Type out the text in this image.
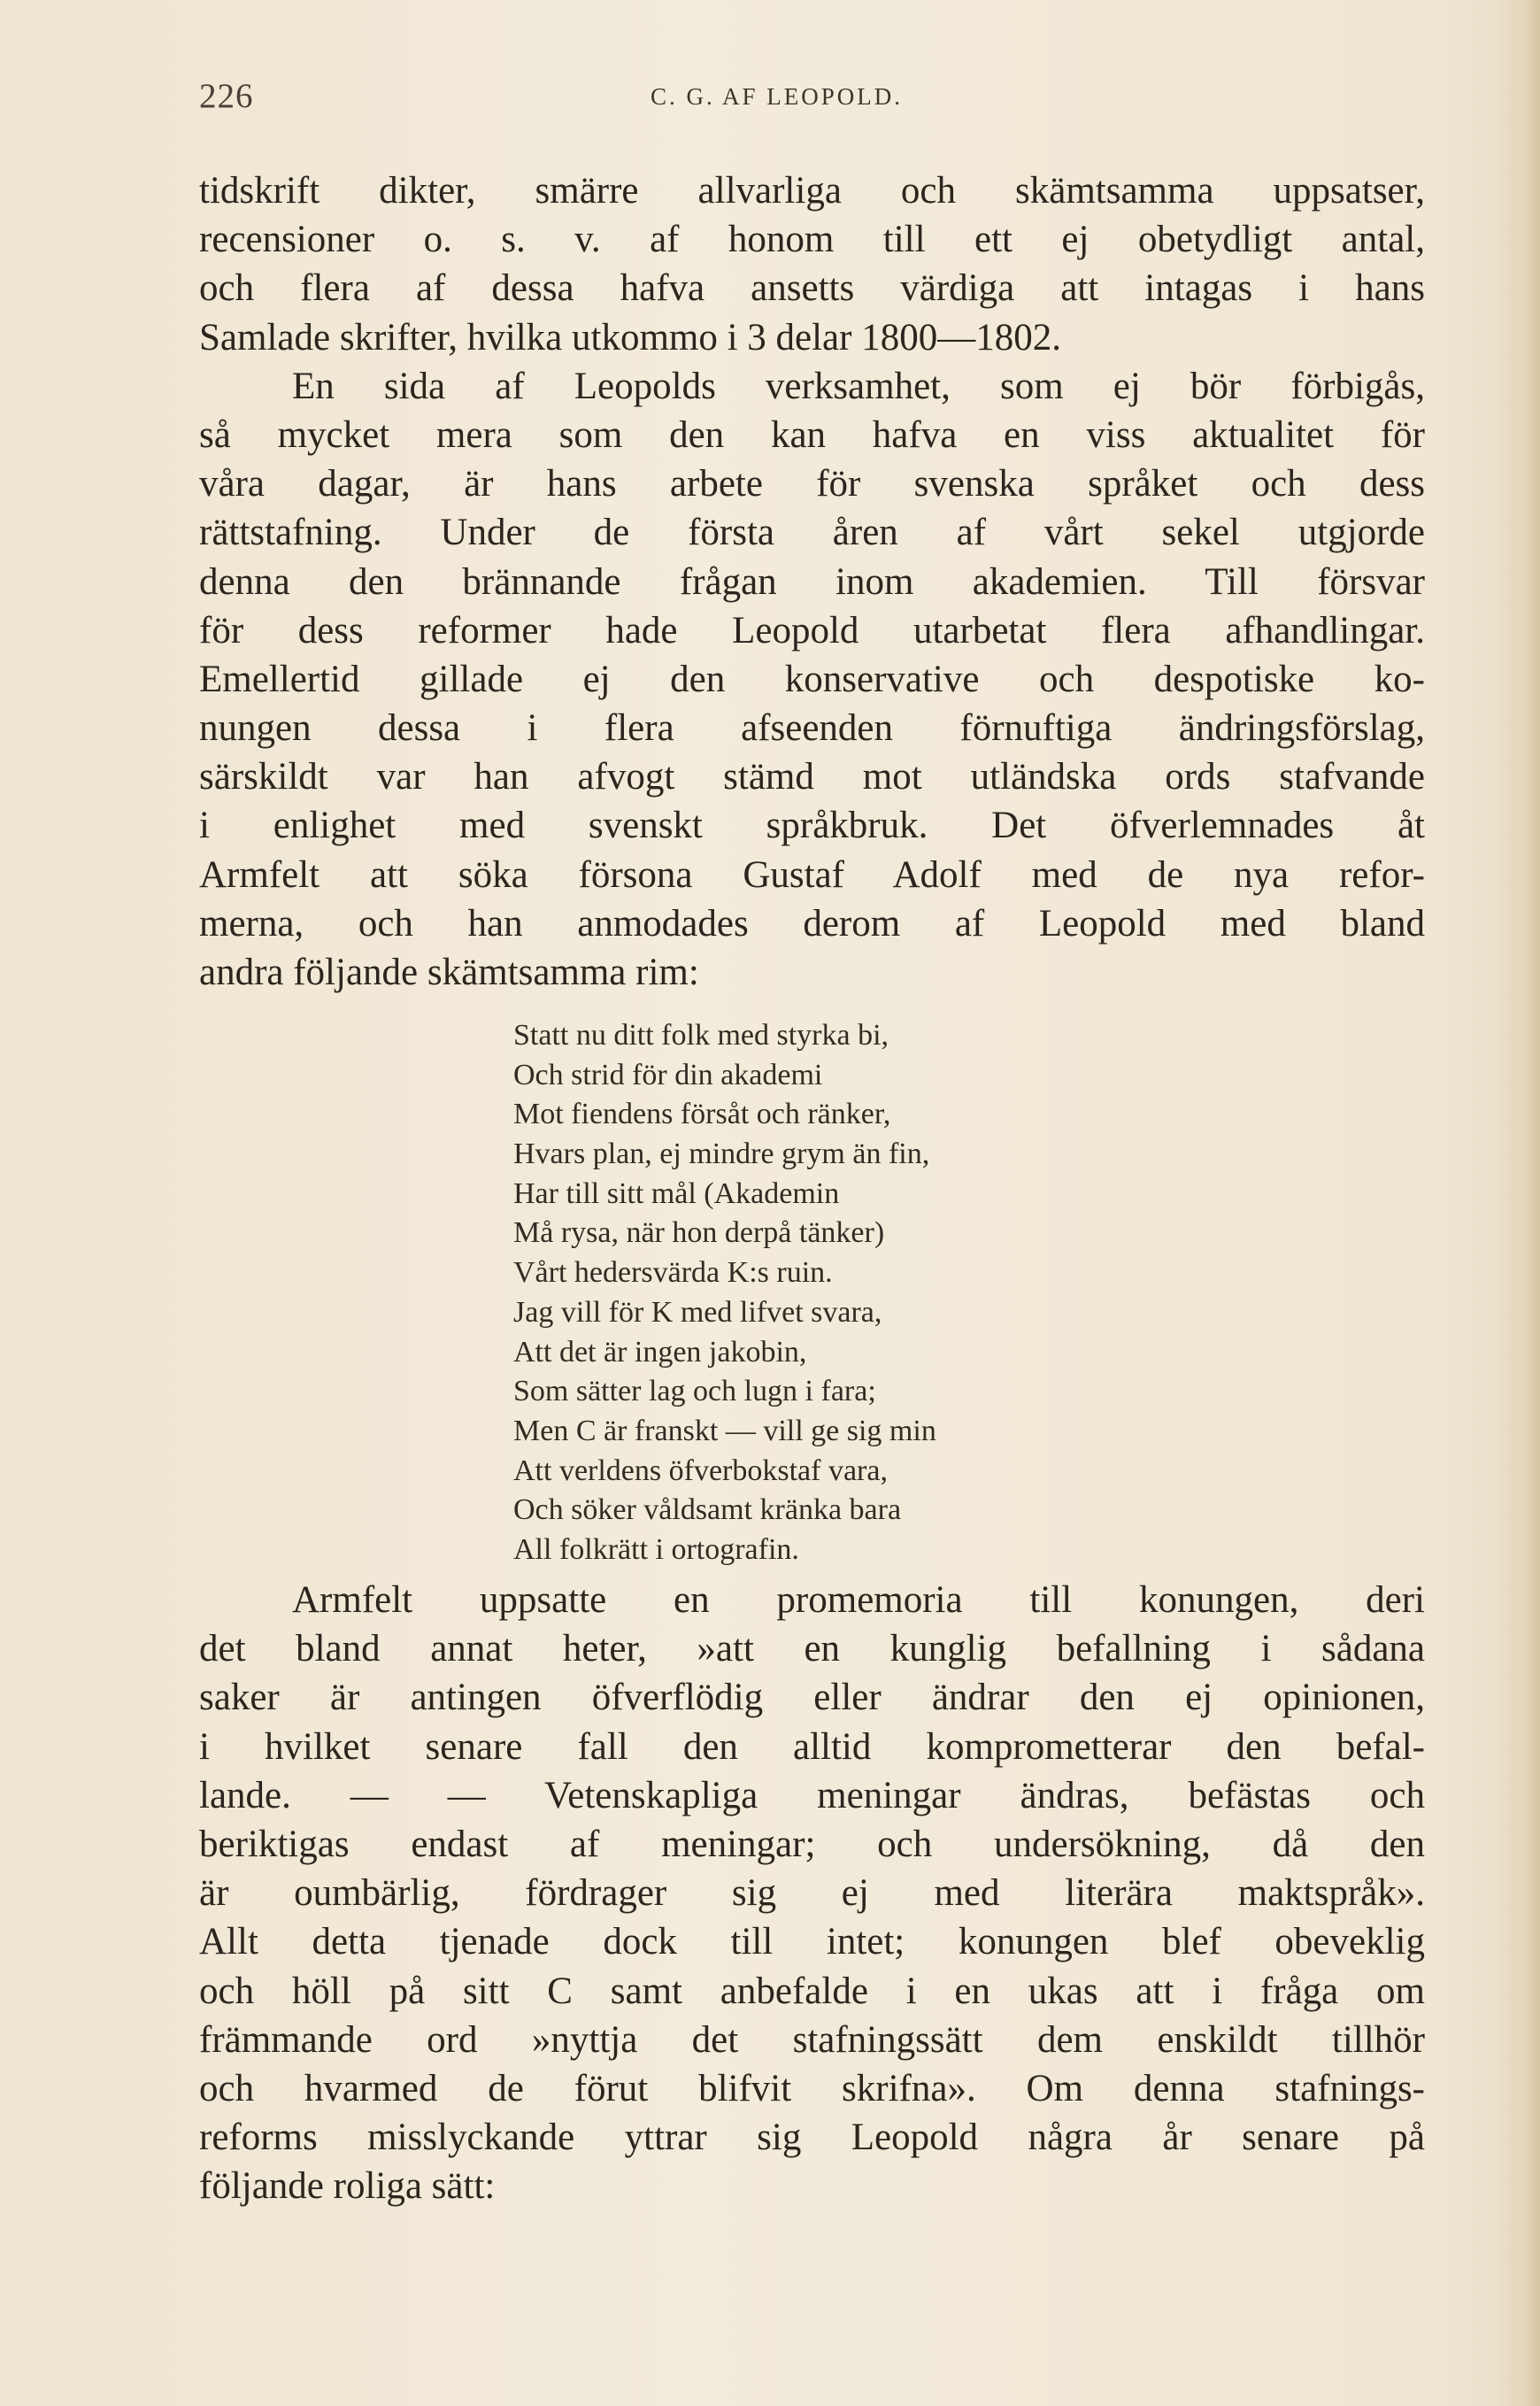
226	C. G. AF LEOPOLD.
tidskrift dikter, smärre allvarliga och skämtsamma uppsatser,
recensioner o. s. v. af honom till ett ej obetydligt antal,
och flera af dessa hafva ansetts värdiga att intagas i hans
Samlade skrifter, hvilka utkommo i 3 delar 1800—1802.
En sida af Leopolds verksamhet, som ej bör förbigås,
så mycket mera som den kan hafva en viss aktualitet för
våra dagar, är hans arbete för svenska språket och dess
rättstafning. Under de första åren af vårt sekel utgjorde
denna den brännande frågan inom akademien. Till försvar
för dess reformer hade Leopold utarbetat flera afhandlingar.
Emellertid gillade ej den konservative och despotiske ko-
nungen dessa i flera afseenden förnuftiga ändringsförslag,
särskildt var han afvogt stämd mot utländska ords stafvande
i enlighet med svenskt språkbruk. Det öfverlemnades åt
Armfelt att söka försona Gustaf Adolf med de nya refor-
merna, och han anmodades derom af Leopold med bland
andra följande skämtsamma rim:
Statt nu ditt folk med styrka bi,
Och strid för din akademi
Mot fiendens försåt och ränker,
Hvars plan, ej mindre grym än fin,
Har till sitt mål (Akademin
Må rysa, när hon derpå tänker)
Vårt hedersvärda K:s ruin.
Jag vill för K med lifvet svara,
Att det är ingen jakobin,
Som sätter lag och lugn i fara;
Men C är franskt — vill ge sig min
Att verldens öfverbokstaf vara,
Och söker våldsamt kränka bara
All folkrätt i ortografin.
Armfelt uppsatte en promemoria till konungen, deri
det bland annat heter, »att en kunglig befallning i sådana
saker är antingen öfverflödig eller ändrar den ej opinionen,
i hvilket senare fall den alltid komprometterar den befal-
lande. — — Vetenskapliga meningar ändras, befästas och
beriktigas endast af meningar; och undersökning, då den
är oumbärlig, fördrager sig ej med literära maktspråk».
Allt detta tjenade dock till intet; konungen blef obeveklig
och höll på sitt C samt anbefalde i en ukas att i fråga om
främmande ord »nyttja det stafningssätt dem enskildt tillhör
och hvarmed de förut blifvit skrifna». Om denna stafnings-
reforms misslyckande yttrar sig Leopold några år senare på
följande roliga sätt:
